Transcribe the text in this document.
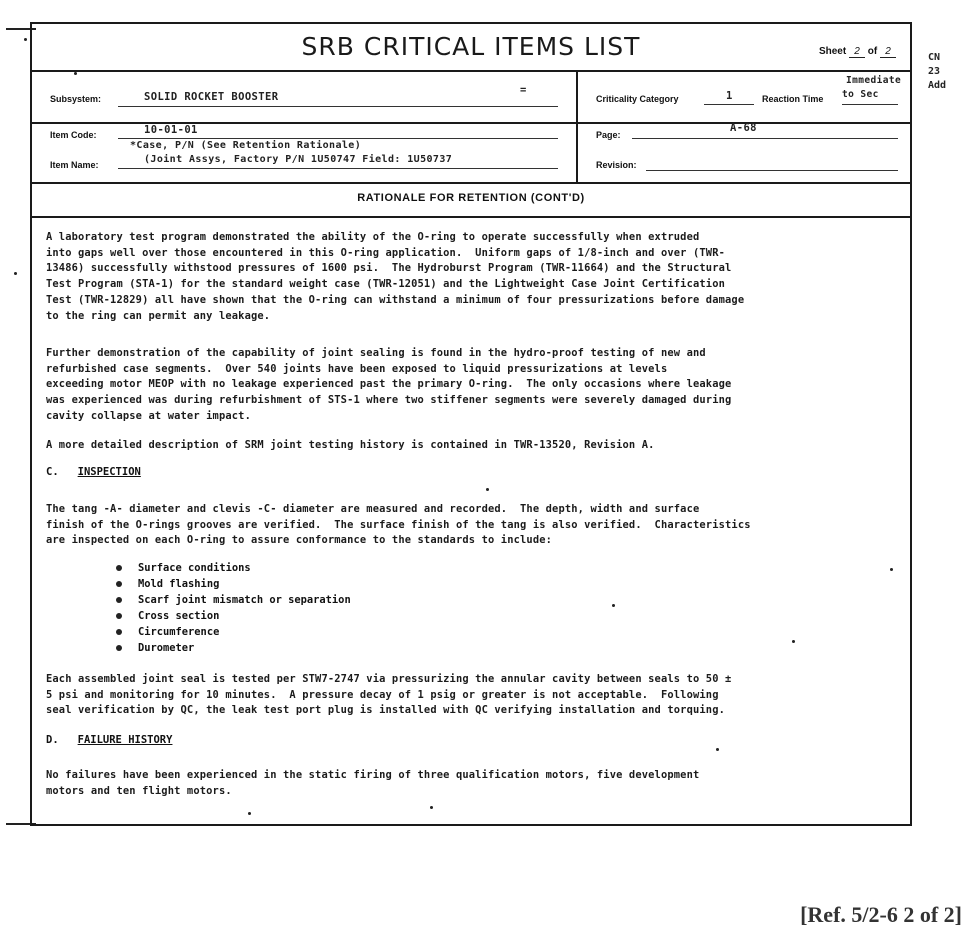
SRB CRITICAL ITEMS LIST	Sheet 2 of 2
Subsystem:	SOLID ROCKET BOOSTER
=
Criticality Category	1	Reaction Time
Immediate
to Sec
Item Code:	10-01-01
*Case, P/N (See Retention Rationale)
Item Name:	(Joint Assys, Factory P/N 1U50747 Field: 1U50737
Page:
A-68
Revision:
RATIONALE FOR RETENTION (CONT'D)
A laboratory test program demonstrated the ability of the O-ring to operate successfully when extruded
into gaps well over those encountered in this O-ring application.  Uniform gaps of 1/8-inch and over (TWR-
13486) successfully withstood pressures of 1600 psi.  The Hydroburst Program (TWR-11664) and the Structural
Test Program (STA-1) for the standard weight case (TWR-12051) and the Lightweight Case Joint Certification
Test (TWR-12829) all have shown that the O-ring can withstand a minimum of four pressurizations before damage
to the ring can permit any leakage.
Further demonstration of the capability of joint sealing is found in the hydro-proof testing of new and
refurbished case segments.  Over 540 joints have been exposed to liquid pressurizations at levels
exceeding motor MEOP with no leakage experienced past the primary O-ring.  The only occasions where leakage
was experienced was during refurbishment of STS-1 where two stiffener segments were severely damaged during
cavity collapse at water impact.
A more detailed description of SRM joint testing history is contained in TWR-13520, Revision A.
C. INSPECTION
The tang -A- diameter and clevis -C- diameter are measured and recorded.  The depth, width and surface
finish of the O-rings grooves are verified.  The surface finish of the tang is also verified.  Characteristics
are inspected on each O-ring to assure conformance to the standards to include:
Surface conditions
Mold flashing
Scarf joint mismatch or separation
Cross section
Circumference
Durometer
Each assembled joint seal is tested per STW7-2747 via pressurizing the annular cavity between seals to 50 ±
5 psi and monitoring for 10 minutes.  A pressure decay of 1 psig or greater is not acceptable.  Following
seal verification by QC, the leak test port plug is installed with QC verifying installation and torquing.
D. FAILURE HISTORY
No failures have been experienced in the static firing of three qualification motors, five development
motors and ten flight motors.
CN
23
Add
[Ref. 5/2-6 2 of 2]
